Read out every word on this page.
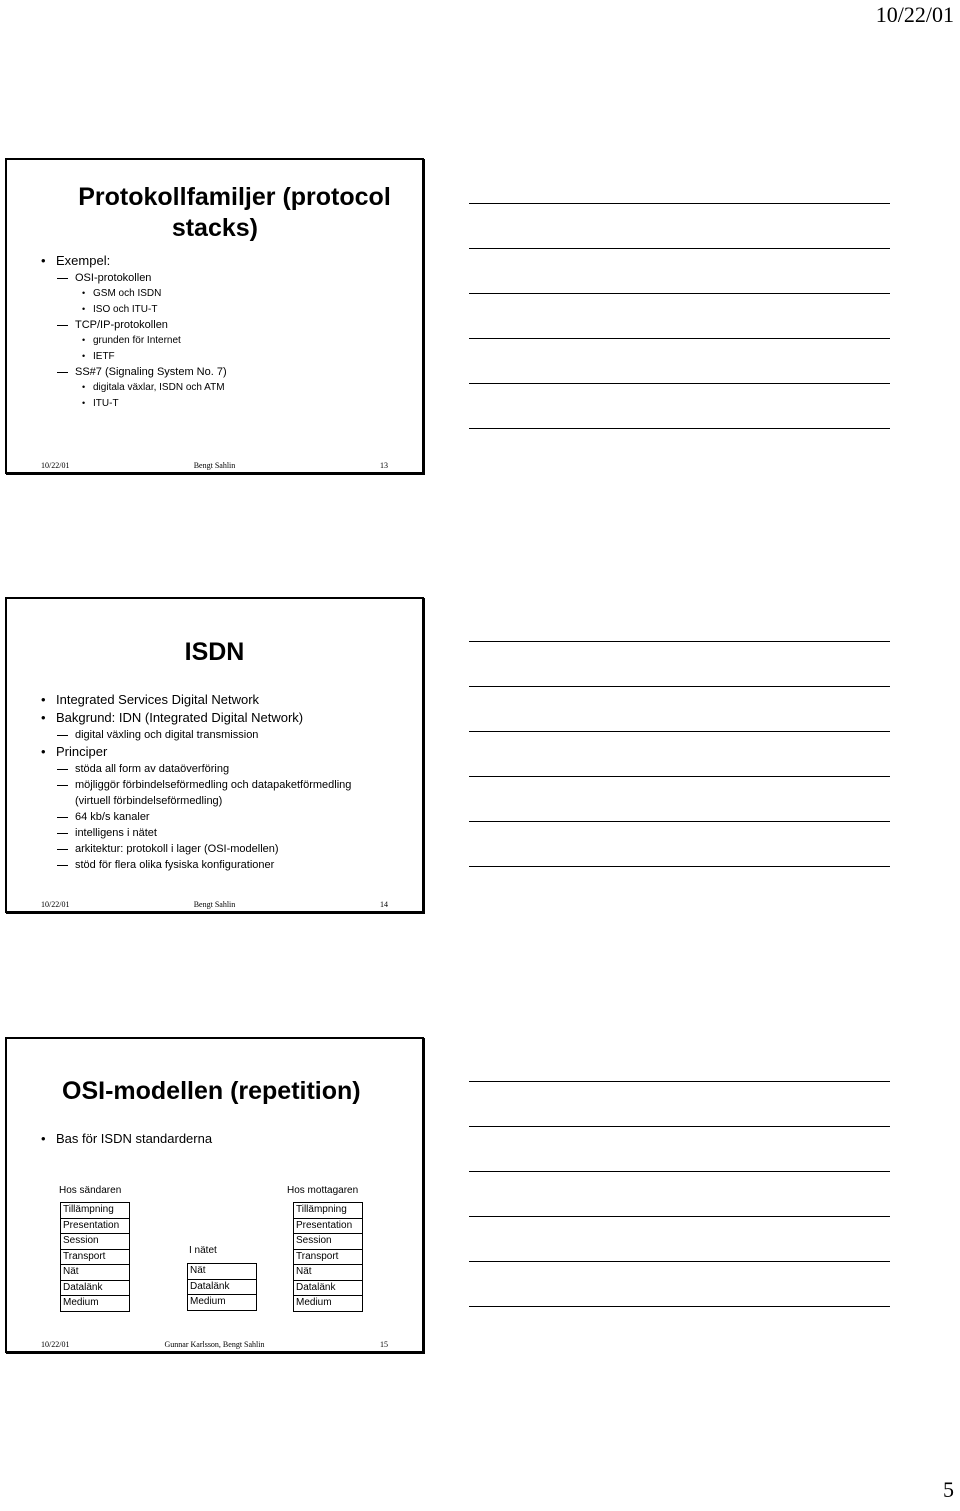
10/22/01
Protokollfamiljer (protocol
stacks)
• Exempel:
OSI-protokollen
• GSM och ISDN
• ISO och ITU-T
TCP/IP-protokollen
• grunden för Internet
• IETF
SS#7 (Signaling System No. 7)
• digitala växlar, ISDN och ATM
• ITU-T
10/22/01	Bengt Sahlin	13
ISDN
• Integrated Services Digital Network
• Bakgrund: IDN (Integrated Digital Network)
digital växling och digital transmission
• Principer
stöda all form av dataöverföring
möjliggör förbindelseförmedling och datapaketförmedling
(virtuell förbindelseförmedling)
64 kb/s kanaler
intelligens i nätet
arkitektur: protokoll i lager (OSI-modellen)
stöd för flera olika fysiska konfigurationer
10/22/01	Bengt Sahlin	14
OSI-modellen (repetition)
• Bas för ISDN standarderna
Hos sändaren
I nätet
Hos mottagaren
Tillämpning
Presentation
Session
Transport
Nät
Datalänk
Medium
Nät
Datalänk
Medium
Tillämpning
Presentation
Session
Transport
Nät
Datalänk
Medium
10/22/01	Gunnar Karlsson, Bengt Sahlin	15
5
